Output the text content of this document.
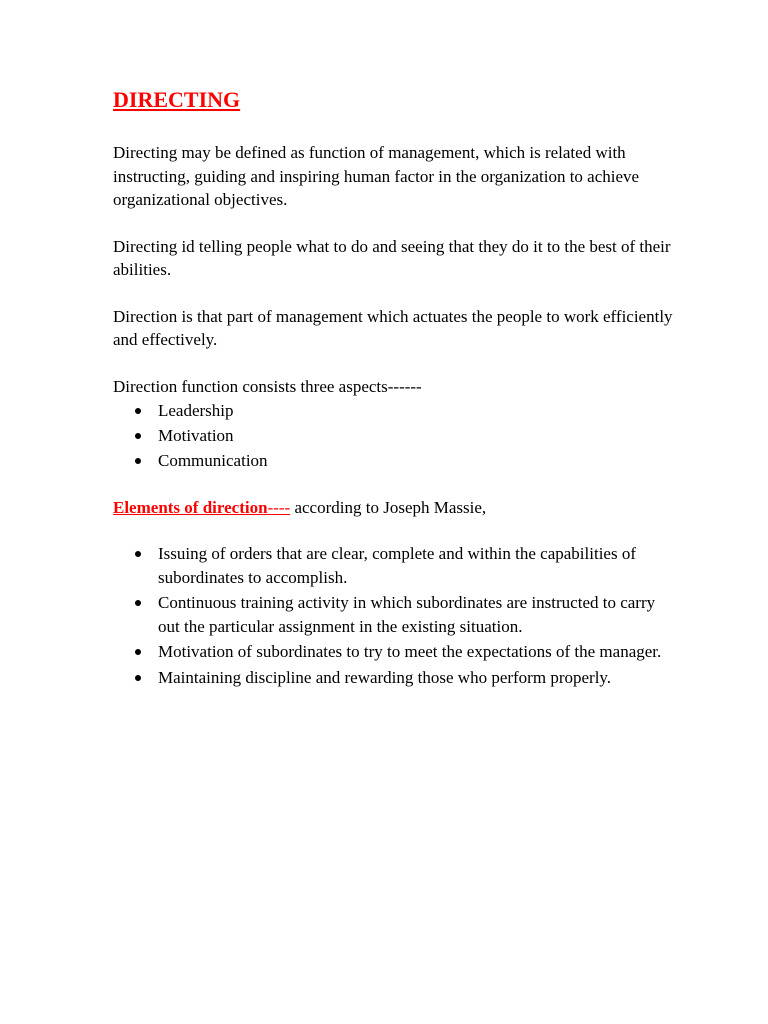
DIRECTING

Directing may be defined as function of management, which is related with instructing, guiding and inspiring human factor in the organization to achieve organizational objectives.

Directing id telling people what to do and seeing that they do it to the best of their abilities.

Direction is that part of management which actuates the people to work efficiently and effectively.

Direction function consists three aspects------

Leadership
Motivation
Communication

Elements of direction---- according to Joseph Massie,

Issuing of orders that are clear, complete and within the capabilities of subordinates to accomplish.
Continuous training activity in which subordinates are instructed to carry out the particular assignment in the existing situation.
Motivation of subordinates to try to meet the expectations of the manager.
Maintaining discipline and rewarding those who perform properly.
